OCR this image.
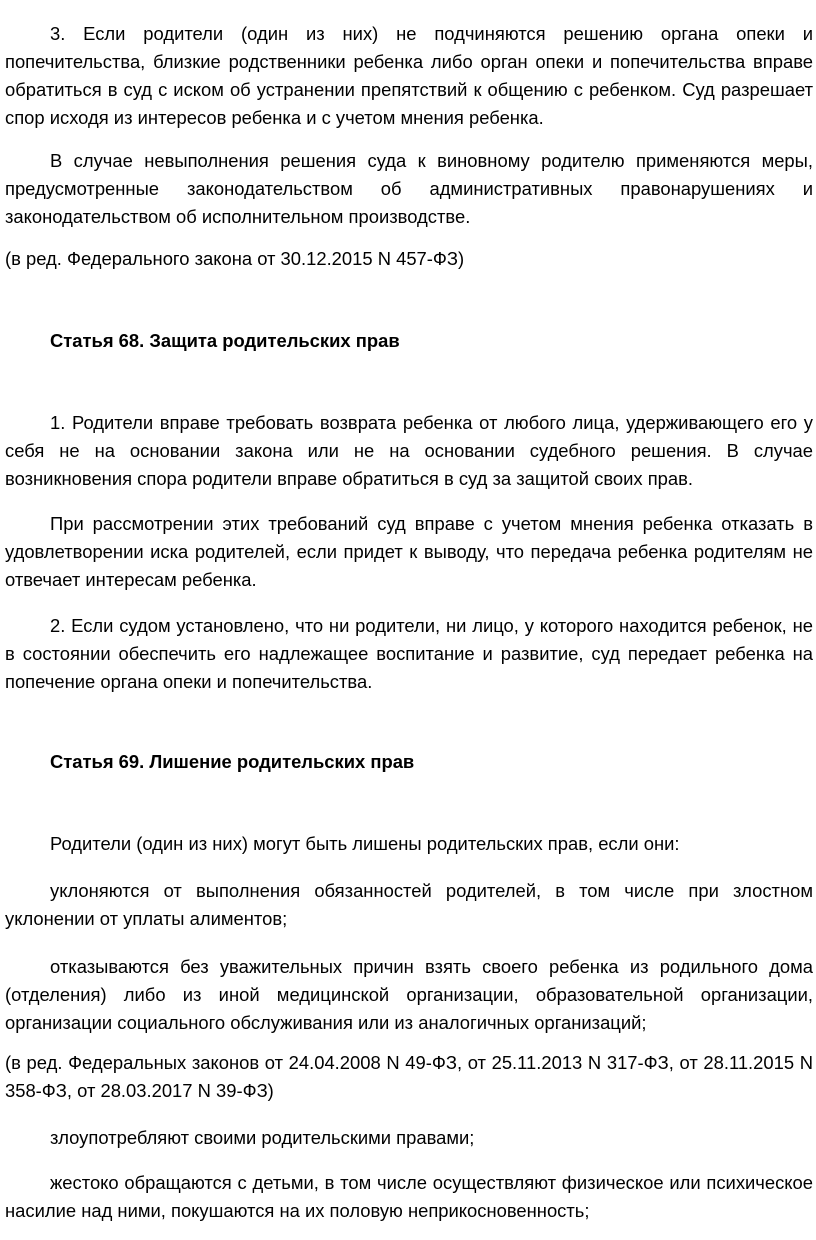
3. Если родители (один из них) не подчиняются решению органа опеки и попечительства, близкие родственники ребенка либо орган опеки и попечительства вправе обратиться в суд с иском об устранении препятствий к общению с ребенком. Суд разрешает спор исходя из интересов ребенка и с учетом мнения ребенка.

В случае невыполнения решения суда к виновному родителю применяются меры, предусмотренные законодательством об административных правонарушениях и законодательством об исполнительном производстве.

(в ред. Федерального закона от 30.12.2015 N 457-ФЗ)

Статья 68. Защита родительских прав

1. Родители вправе требовать возврата ребенка от любого лица, удерживающего его у себя не на основании закона или не на основании судебного решения. В случае возникновения спора родители вправе обратиться в суд за защитой своих прав.

При рассмотрении этих требований суд вправе с учетом мнения ребенка отказать в удовлетворении иска родителей, если придет к выводу, что передача ребенка родителям не отвечает интересам ребенка.

2. Если судом установлено, что ни родители, ни лицо, у которого находится ребенок, не в состоянии обеспечить его надлежащее воспитание и развитие, суд передает ребенка на попечение органа опеки и попечительства.

Статья 69. Лишение родительских прав

Родители (один из них) могут быть лишены родительских прав, если они:

уклоняются от выполнения обязанностей родителей, в том числе при злостном уклонении от уплаты алиментов;

отказываются без уважительных причин взять своего ребенка из родильного дома (отделения) либо из иной медицинской организации, образовательной организации, организации социального обслуживания или из аналогичных организаций;

(в ред. Федеральных законов от 24.04.2008 N 49-ФЗ, от 25.11.2013 N 317-ФЗ, от 28.11.2015 N 358-ФЗ, от 28.03.2017 N 39-ФЗ)

злоупотребляют своими родительскими правами;

жестоко обращаются с детьми, в том числе осуществляют физическое или психическое насилие над ними, покушаются на их половую неприкосновенность;
